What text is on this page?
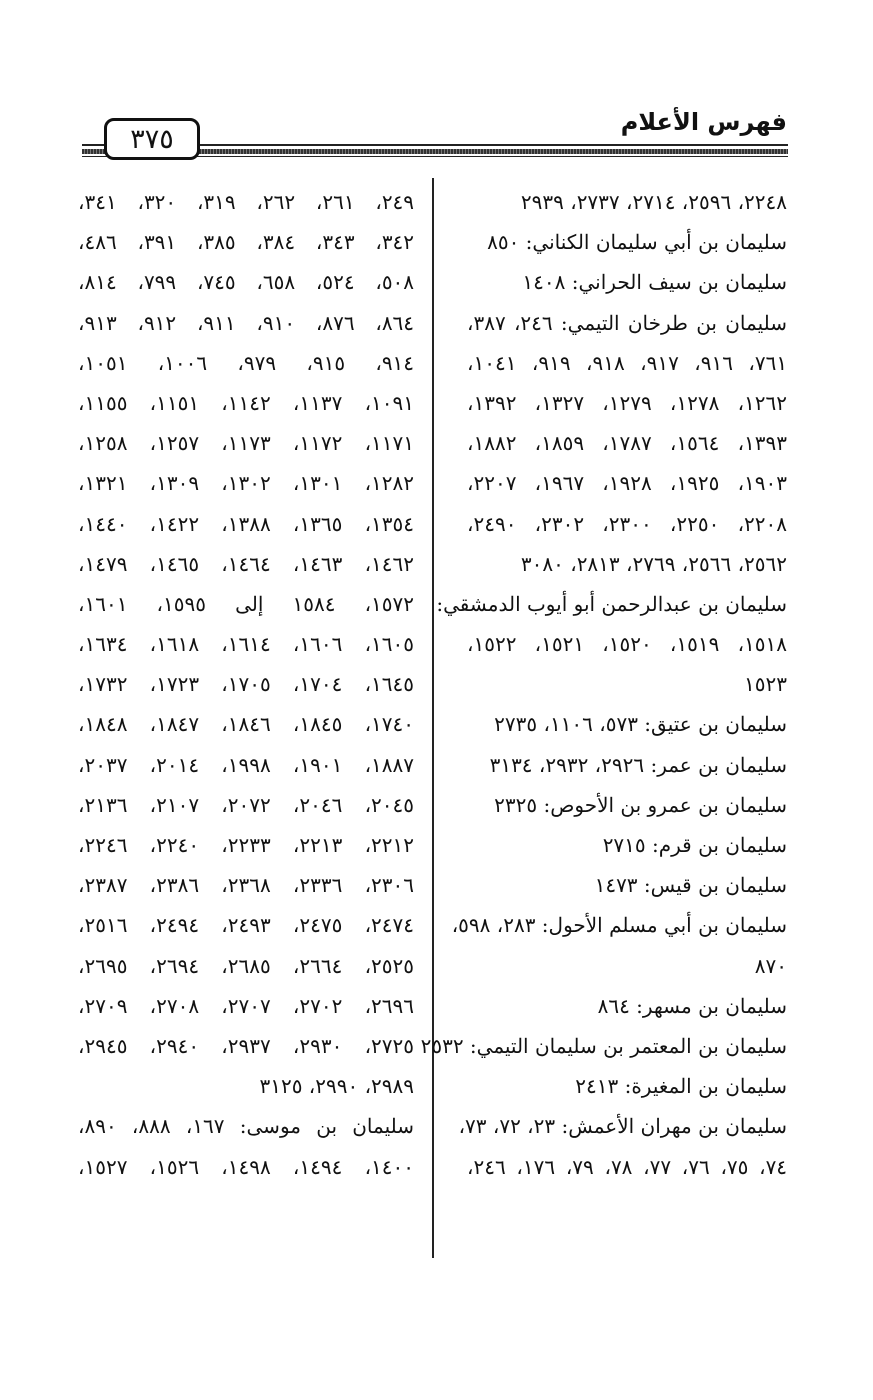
فهرس الأعلام
٣٧٥
٢٢٤٨، ٢٥٩٦، ٢٧١٤، ٢٧٣٧، ٢٩٣٩
سليمان بن أبي سليمان الكناني: ٨٥٠
سليمان بن سيف الحراني: ١٤٠٨
سليمان بن طرخان التيمي: ٢٤٦، ٣٨٧،
٧٦١، ٩١٦، ٩١٧، ٩١٨، ٩١٩، ١٠٤١،
١٢٦٢، ١٢٧٨، ١٢٧٩، ١٣٢٧، ١٣٩٢،
١٣٩٣، ١٥٦٤، ١٧٨٧، ١٨٥٩، ١٨٨٢،
١٩٠٣، ١٩٢٥، ١٩٢٨، ١٩٦٧، ٢٢٠٧،
٢٢٠٨، ٢٢٥٠، ٢٣٠٠، ٢٣٠٢، ٢٤٩٠،
٢٥٦٢، ٢٥٦٦، ٢٧٦٩، ٢٨١٣، ٣٠٨٠
سليمان بن عبدالرحمن أبو أيوب الدمشقي:
١٥١٨، ١٥١٩، ١٥٢٠، ١٥٢١، ١٥٢٢،
١٥٢٣
سليمان بن عتيق: ٥٧٣، ١١٠٦، ٢٧٣٥
سليمان بن عمر: ٢٩٢٦، ٢٩٣٢، ٣١٣٤
سليمان بن عمرو بن الأحوص: ٢٣٢٥
سليمان بن قرم: ٢٧١٥
سليمان بن قيس: ١٤٧٣
سليمان بن أبي مسلم الأحول: ٢٨٣، ٥٩٨،
٨٧٠
سليمان بن مسهر: ٨٦٤
سليمان بن المعتمر بن سليمان التيمي: ٢٥٣٢
سليمان بن المغيرة: ٢٤١٣
سليمان بن مهران الأعمش: ٢٣، ٧٢، ٧٣،
٧٤، ٧٥، ٧٦، ٧٧، ٧٨، ٧٩، ١٧٦، ٢٤٦،
٢٤٩، ٢٦١، ٢٦٢، ٣١٩، ٣٢٠، ٣٤١،
٣٤٢، ٣٤٣، ٣٨٤، ٣٨٥، ٣٩١، ٤٨٦،
٥٠٨، ٥٢٤، ٦٥٨، ٧٤٥، ٧٩٩، ٨١٤،
٨٦٤، ٨٧٦، ٩١٠، ٩١١، ٩١٢، ٩١٣،
٩١٤، ٩١٥، ٩٧٩، ١٠٠٦، ١٠٥١،
١٠٩١، ١١٣٧، ١١٤٢، ١١٥١، ١١٥٥،
١١٧١، ١١٧٢، ١١٧٣، ١٢٥٧، ١٢٥٨،
١٢٨٢، ١٣٠١، ١٣٠٢، ١٣٠٩، ١٣٢١،
١٣٥٤، ١٣٦٥، ١٣٨٨، ١٤٢٢، ١٤٤٠،
١٤٦٢، ١٤٦٣، ١٤٦٤، ١٤٦٥، ١٤٧٩،
١٥٧٢، ١٥٨٤ إلى ١٥٩٥، ١٦٠١،
١٦٠٥، ١٦٠٦، ١٦١٤، ١٦١٨، ١٦٣٤،
١٦٤٥، ١٧٠٤، ١٧٠٥، ١٧٢٣، ١٧٣٢،
١٧٤٠، ١٨٤٥، ١٨٤٦، ١٨٤٧، ١٨٤٨،
١٨٨٧، ١٩٠١، ١٩٩٨، ٢٠١٤، ٢٠٣٧،
٢٠٤٥، ٢٠٤٦، ٢٠٧٢، ٢١٠٧، ٢١٣٦،
٢٢١٢، ٢٢١٣، ٢٢٣٣، ٢٢٤٠، ٢٢٤٦،
٢٣٠٦، ٢٣٣٦، ٢٣٦٨، ٢٣٨٦، ٢٣٨٧،
٢٤٧٤، ٢٤٧٥، ٢٤٩٣، ٢٤٩٤، ٢٥١٦،
٢٥٢٥، ٢٦٦٤، ٢٦٨٥، ٢٦٩٤، ٢٦٩٥،
٢٦٩٦، ٢٧٠٢، ٢٧٠٧، ٢٧٠٨، ٢٧٠٩،
٢٧٢٥، ٢٩٣٠، ٢٩٣٧، ٢٩٤٠، ٢٩٤٥،
٢٩٨٩، ٢٩٩٠، ٣١٢٥
سليمان بن موسى: ١٦٧، ٨٨٨، ٨٩٠،
١٤٠٠، ١٤٩٤، ١٤٩٨، ١٥٢٦، ١٥٢٧،
